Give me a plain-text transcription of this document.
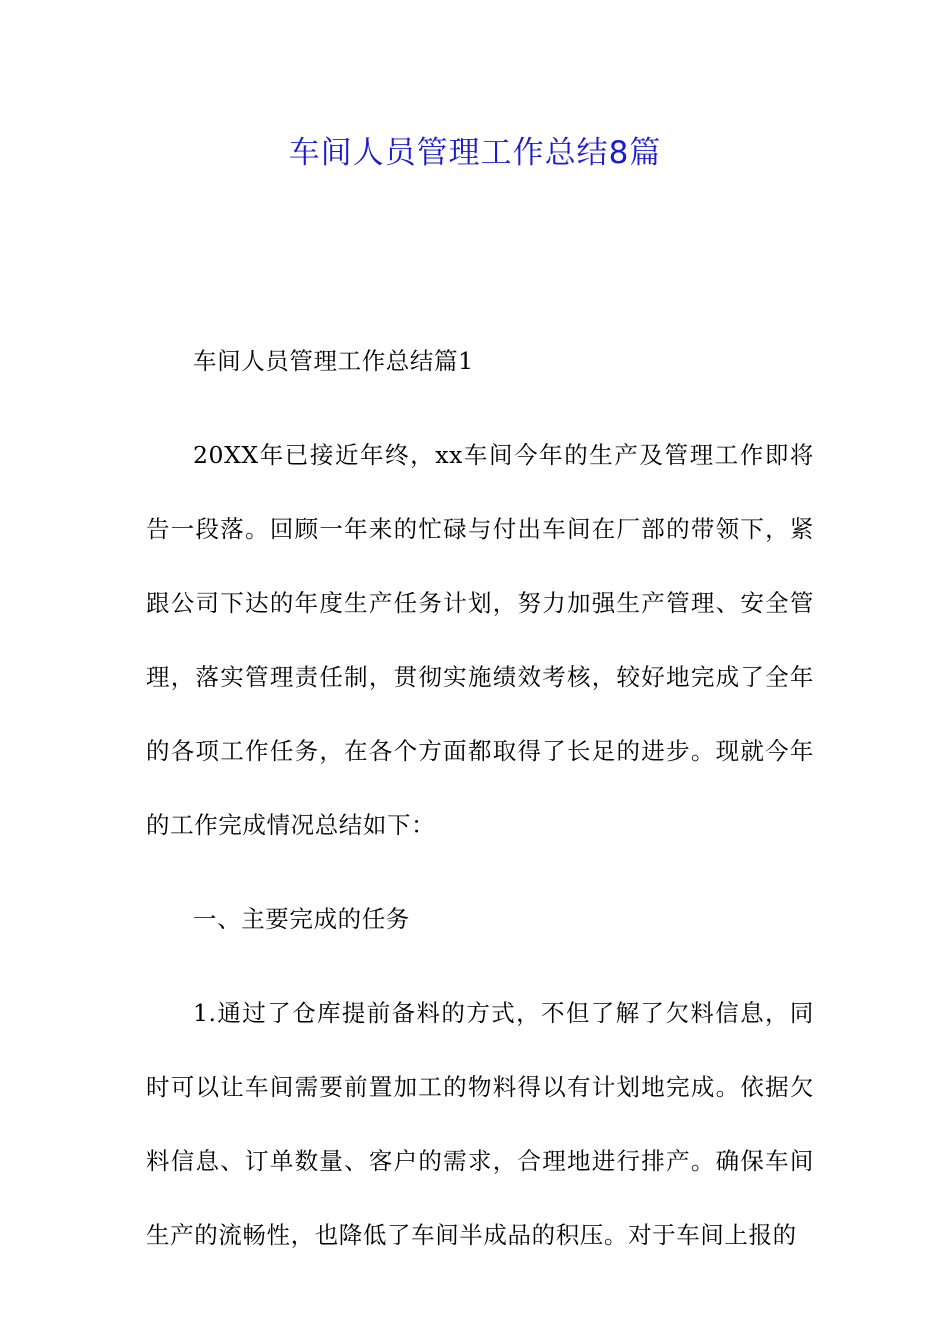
车间人员管理工作总结8篇

车间人员管理工作总结篇1

20XX年已接近年终，xx车间今年的生产及管理工作即将告一段落。回顾一年来的忙碌与付出车间在厂部的带领下，紧跟公司下达的年度生产任务计划，努力加强生产管理、安全管理，落实管理责任制，贯彻实施绩效考核，较好地完成了全年的各项工作任务，在各个方面都取得了长足的进步。现就今年的工作完成情况总结如下：

一、主要完成的任务

1.通过了仓库提前备料的方式，不但了解了欠料信息，同时可以让车间需要前置加工的物料得以有计划地完成。依据欠料信息、订单数量、客户的需求，合理地进行排产。确保车间生产的流畅性，也降低了车间半成品的积压。对于车间上报的
